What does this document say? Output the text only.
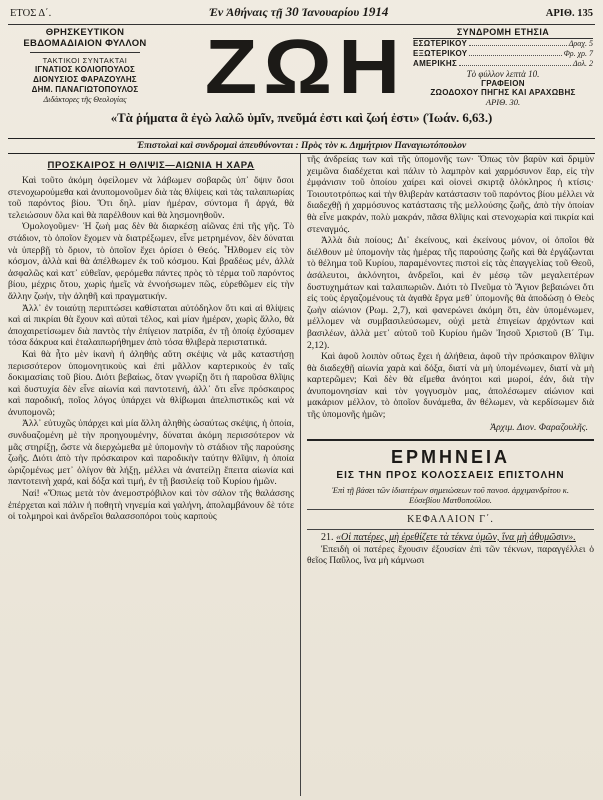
ΕΤΟΣ Δ΄.	Ἐν Ἀθήναις τῇ 30 Ἰανουαρίου 1914	ΑΡΙΘ. 135
ΘΡΗΣΚΕΥΤΙΚΟΝ
ΕΒΔΟΜΑΔΙΑΙΟΝ ΦΥΛΛΟΝ
ΤΑΚΤΙΚΟΙ ΣΥΝΤΑΚΤΑΙ
ΙΓΝΑΤΙΟΣ ΚΟΛΙΟΠΟΥΛΟΣ
ΔΙΟΝΥΣΙΟΣ ΦΑΡΑΖΟΥΛΗΣ
ΔΗΜ. ΠΑΝΑΓΙΩΤΟΠΟΥΛΟΣ
Διδάκτορες τῆς Θεολογίας ΖΩΗ	ΣΥΝΔΡΟΜΗ ΕΤΗΣΙΑ
ΕΣΩΤΕΡΙΚΟΥ	Δραχ. 5
ΕΞΩΤΕΡΙΚΟΥ	Φρ. χρ. 7
ΑΜΕΡΙΚΗΣ	Δολ. 2
Τὸ φύλλον λεπτὰ 10.
ΓΡΑΦΕΙΟΝ
ΖΩΟΔΟΧΟΥ ΠΗΓΗΣ ΚΑΙ ΑΡΑΧΩΒΗΣ
ΑΡΙΘ. 30.
«Τὰ ῥήματα ἃ ἐγὼ λαλῶ ὑμῖν, πνεῦμά ἐστι καὶ ζωή ἐστι» (Ἰωάν. 6,63.)
Ἐπιστολαὶ καὶ συνδρομαὶ ἀπευθύνονται : Πρὸς τὸν κ. Δημήτριον Παναγιωτόπουλον
ΠΡΟΣΚΑΙΡΟΣ Η ΘΛΙΨΙΣ—ΑΙΩΝΙΑ Η ΧΑΡΑ

Καὶ τοῦτο ἀκόμη ὀφείλομεν νὰ λάβωμεν σοβαρῶς ὑπ᾿ ὄψιν ὅσοι στενοχωρούμεθα καὶ ἀνυπομονοῦμεν διὰ τὰς θλίψεις καὶ τὰς ταλαιπωρίας τοῦ παρόντος βίου. Ὅτι δηλ. μίαν ἡμέραν, σύντομα ἢ ἀργά, θὰ τελειώσουν ὅλα καὶ θὰ παρέλθουν καὶ θὰ λησμονηθοῦν.

Ὁμολογοῦμεν· Ἡ ζωὴ μας δὲν θὰ διαρκέσῃ αἰῶνας ἐπὶ τῆς γῆς. Τὸ στάδιον, τὸ ὁποῖον ἔχομεν νὰ διατρέξωμεν, εἶνε μετρημένον, δὲν δύναται νὰ ὑπερβῇ τὸ ὅριον, τὸ ὁποῖον ἔχει ὁρίσει ὁ Θεός. Ἦλθομεν εἰς τὸν κόσμον, ἀλλὰ καὶ θὰ ἀπέλθωμεν ἐκ τοῦ κόσμου. Καὶ βραδέως μέν, ἀλλὰ ἀσφαλῶς καὶ κατ᾿ εὐθεῖαν, φερόμεθα πάντες πρὸς τὸ τέρμα τοῦ παρόντος βίου, μέχρις ὅτου, χωρὶς ἡμεῖς νὰ ἐννοήσωμεν πῶς, εὑρεθῶμεν εἰς τὴν ἄλλην ζωήν, τὴν ἀληθῆ καὶ πραγματικήν.

Ἀλλ᾿ ἐν τοιαύτῃ περιπτώσει καθίσταται αὐτόδηλον ὅτι καὶ αἱ θλίψεις καὶ αἱ πικρίαι θὰ ἔχουν καὶ αὐταὶ τέλος, καὶ μίαν ἡμέραν, χωρὶς ἄλλο, θὰ ἀποχαιρετίσωμεν διὰ παντὸς τὴν ἐπίγειον πατρίδα, ἐν τῇ ὁποίᾳ ἐχύσαμεν τόσα δάκρυα καὶ ἐταλαιπωρήθημεν ἀπὸ τόσα θλιβερὰ περιστατικά.

Καὶ θὰ ἦτο μὲν ἱκανὴ ἡ ἀληθὴς αὕτη σκέψις νὰ μᾶς καταστήσῃ περισσότερον ὑπομονητικοὺς καὶ ἐπὶ μᾶλλον καρτερικοὺς ἐν ταῖς δοκιμασίαις τοῦ βίου. Διότι βεβαίως, ὅταν γνωρίζῃ ὅτι ἡ παροῦσα θλῖψις καὶ δυστυχία δὲν εἶνε αἰωνία καὶ παντοτεινή, ἀλλ᾿ ὅτι εἶνε πρόσκαιρος καὶ παροδική, ποῖος λόγος ὑπάρχει νὰ θλίβωμαι ἀπελπιστικῶς καὶ νὰ ἀνυπομονῶ;

Ἀλλ᾿ εὐτυχῶς ὑπάρχει καὶ μία ἄλλη ἀληθὴς ὡσαύτως σκέψις, ἡ ὁποία, συνδυαζομένη μὲ τὴν προηγουμένην, δύναται ἀκόμη περισσότερον νὰ μᾶς στηρίξῃ, ὥστε νὰ διερχώμεθα μὲ ὑπομονὴν τὸ στάδιον τῆς παρούσης ζωῆς. Διότι ἀπὸ τὴν πρόσκαιρον καὶ παροδικὴν ταύτην θλῖψιν, ἡ ὁποία ὡριζομένως μετ᾿ ὀλίγον θὰ λήξῃ, μέλλει νὰ ἀνατείλῃ ἔπειτα αἰωνία καὶ παντοτεινὴ χαρά, καὶ δόξα καὶ τιμή, ἐν τῇ βασιλείᾳ τοῦ Κυρίου ἡμῶν.

Ναί! «Ὅπως μετὰ τὸν ἀνεμοστρόβιλον καὶ τὸν σάλον τῆς θαλάσσης ἐπέρχεται καὶ πάλιν ἡ ποθητὴ νηνεμία καὶ γαλήνη, ἀπολαμβάνουν δὲ τότε οἱ τολμηροὶ καὶ ἀνδρεῖοι θαλασσοπόροι τοὺς καρποὺς

τῆς ἀνδρείας των καὶ τῆς ὑπομονῆς των· Ὅπως τὸν βαρὺν καὶ δριμὺν χειμῶνα διαδέχεται καὶ πάλιν τὸ λαμπρὸν καὶ χαρμόσυνον ἔαρ, εἰς τὴν ἐμφάνισιν τοῦ ὁποίου χαίρει καὶ οἱονεὶ σκιρτᾷ ὁλόκληρος ἡ κτίσις· Τοιουτοτρόπως καὶ τὴν θλιβερὰν κατάστασιν τοῦ παρόντος βίου μέλλει νὰ διαδεχθῇ ἡ χαρμόσυνος κατάστασις τῆς μελλούσης ζωῆς, ἀπὸ τὴν ὁποίαν θὰ εἶνε μακράν, πολὺ μακράν, πᾶσα θλῖψις καὶ στενοχωρία καὶ πικρία καὶ στεναγμός.

Ἀλλὰ διὰ ποίους; Δι᾿ ἐκείνους, καὶ ἐκείνους μόνον, οἱ ὁποῖοι θὰ διέλθουν μὲ ὑπομονὴν τὰς ἡμέρας τῆς παρούσης ζωῆς καὶ θὰ ἐργάζωνται τὸ θέλημα τοῦ Κυρίου, παραμένοντες πιστοὶ εἰς τὰς ἐπαγγελίας τοῦ Θεοῦ, ἀσάλευτοι, ἀκλόνητοι, ἀνδρεῖοι, καὶ ἐν μέσῳ τῶν μεγαλειτέρων δυστυχημάτων καὶ ταλαιπωριῶν. Διότι τὸ Πνεῦμα τὸ Ἅγιον βεβαιώνει ὅτι εἰς τοὺς ἐργαζομένους τὰ ἀγαθὰ ἔργα μεθ᾿ ὑπομονῆς θὰ ἀποδώσῃ ὁ Θεὸς ζωὴν αἰώνιον (Ρωμ. 2,7), καὶ φανερώνει ἀκόμη ὅτι, ἐὰν ὑπομένωμεν, μέλλομεν νὰ συμβασιλεύσωμεν, οὐχὶ μετὰ ἐπιγείων ἀρχόντων καὶ βασιλέων, ἀλλὰ μετ᾿ αὐτοῦ τοῦ Κυρίου ἡμῶν Ἰησοῦ Χριστοῦ (Β΄ Τιμ. 2,12).

Καὶ ἀφοῦ λοιπὸν οὕτως ἔχει ἡ ἀλήθεια, ἀφοῦ τὴν πρόσκαιρον θλῖψιν θὰ διαδεχθῇ αἰωνία χαρὰ καὶ δόξα, διατί νὰ μὴ ὑπομένωμεν, διατί νὰ μὴ καρτερῶμεν; Καὶ δὲν θὰ εἴμεθα ἀνόητοι καὶ μωροί, ἐάν, διὰ τὴν ἀνυπομονησίαν καὶ τὸν γογγυσμὸν μας, ἀπολέσωμεν αἰώνιον καὶ μακάριον μέλλον, τὸ ὁποῖον δυνάμεθα, ἂν θέλωμεν, νὰ κερδίσωμεν διὰ τῆς ὑπομονῆς ἡμῶν;

Ἀρχιμ. Διον. Φαραζουλῆς.
ΕΡΜΗΝΕΙΑ
ΕΙΣ ΤΗΝ ΠΡΟΣ ΚΟΛΟΣΣΑΕΙΣ ΕΠΙΣΤΟΛΗΝ
Ἐπὶ τῇ βάσει τῶν ἰδιαιτέρων σημειώσεων τοῦ πανοσ. ἀρχιμανδρίτου κ. Εὐσεβίου Ματθοπούλου.
ΚΕΦΑΛΑΙΟΝ Γ΄.
21. «Οἱ πατέρες, μὴ ἐρεθίζετε τὰ τέκνα ὑμῶν, ἵνα μὴ ἀθυμῶσιν».

Ἐπειδὴ οἱ πατέρες ἔχουσιν ἐξουσίαν ἐπὶ τῶν τέκνων, παραγγέλλει ὁ θεῖος Παῦλος, ἵνα μὴ κάμνωσι
